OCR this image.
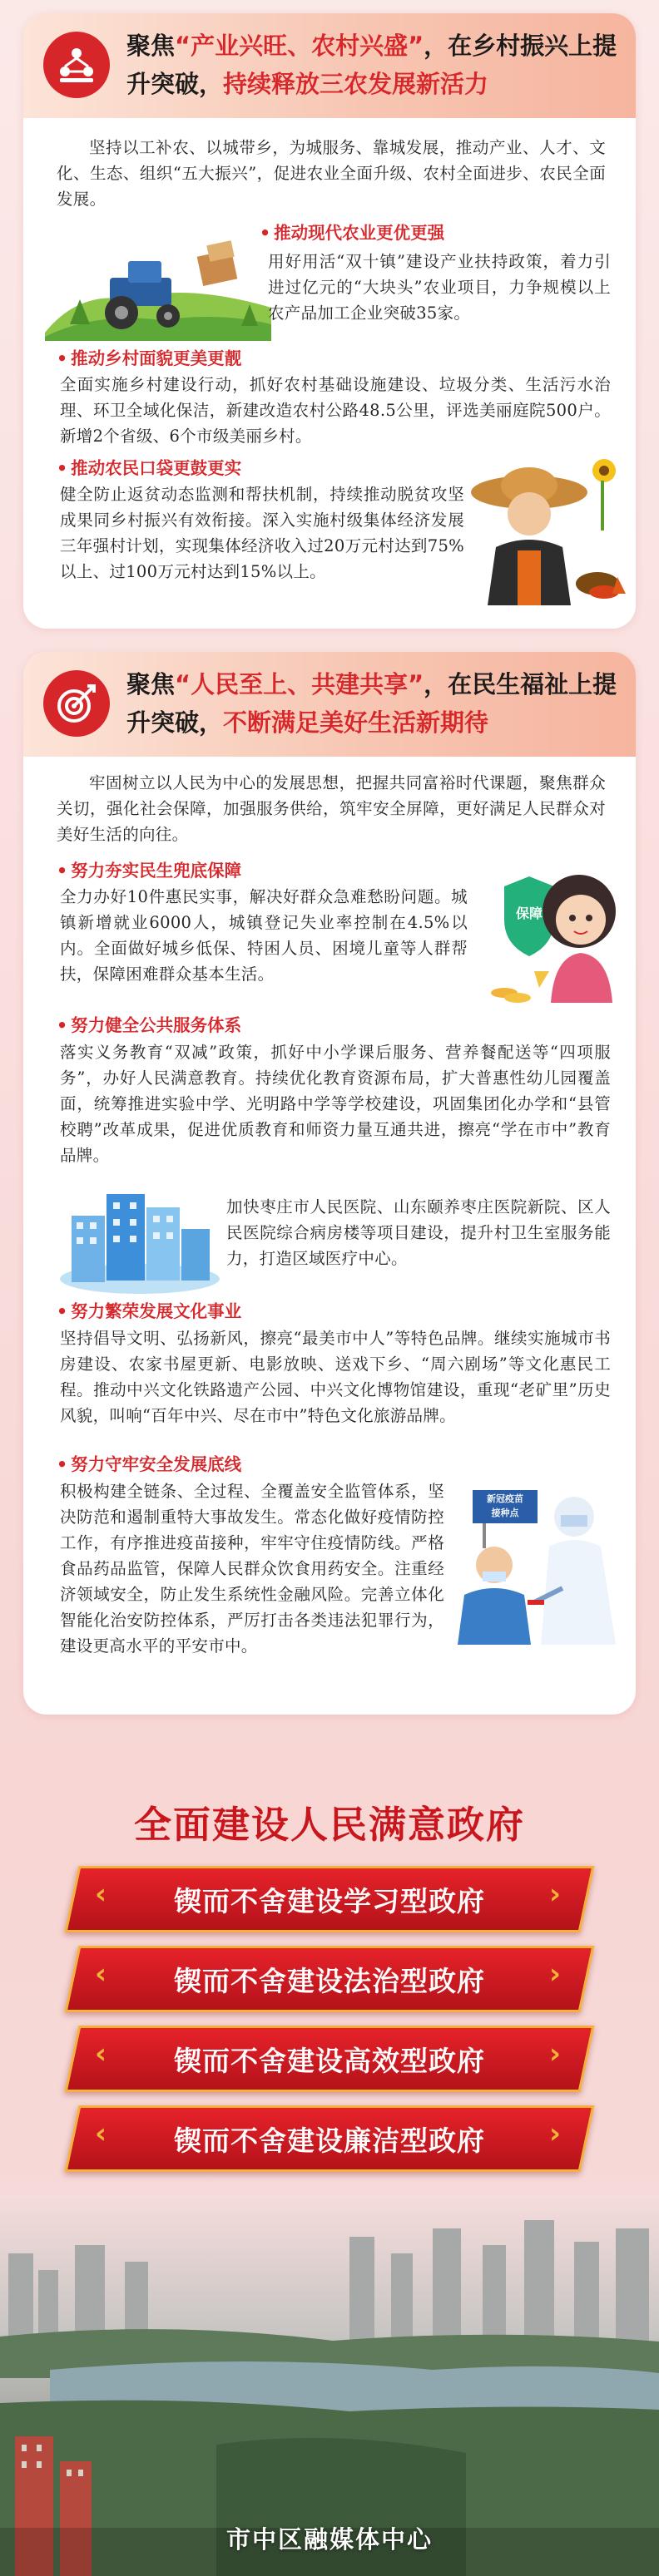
聚焦“产业兴旺、农村兴盛”，在乡村振兴上提升突破，持续释放三农发展新活力
坚持以工补农、以城带乡，为城服务、靠城发展，推动产业、人才、文化、生态、组织“五大振兴”，促进农业全面升级、农村全面进步、农民全面发展。
• 推动现代农业更优更强
用好用活“双十镇”建设产业扶持政策，着力引进过亿元的“大块头”农业项目，力争规模以上农产品加工企业突破35家。
• 推动乡村面貌更美更靓
全面实施乡村建设行动，抓好农村基础设施建设、垃圾分类、生活污水治理、环卫全域化保洁，新建改造农村公路48.5公里，评选美丽庭院500户。新增2个省级、6个市级美丽乡村。
• 推动农民口袋更鼓更实
健全防止返贫动态监测和帮扶机制，持续推动脱贫攻坚成果同乡村振兴有效衔接。深入实施村级集体经济发展三年强村计划，实现集体经济收入过20万元村达到75%以上、过100万元村达到15%以上。
聚焦“人民至上、共建共享”，在民生福祉上提升突破，不断满足美好生活新期待
牢固树立以人民为中心的发展思想，把握共同富裕时代课题，聚焦群众关切，强化社会保障，加强服务供给，筑牢安全屏障，更好满足人民群众对美好生活的向往。
• 努力夯实民生兜底保障
全力办好10件惠民实事，解决好群众急难愁盼问题。城镇新增就业6000人，城镇登记失业率控制在4.5%以内。全面做好城乡低保、特困人员、困境儿童等人群帮扶，保障困难群众基本生活。
保障
• 努力健全公共服务体系
落实义务教育“双减”政策，抓好中小学课后服务、营养餐配送等“四项服务”，办好人民满意教育。持续优化教育资源布局，扩大普惠性幼儿园覆盖面，统筹推进实验中学、光明路中学等学校建设，巩固集团化办学和“县管校聘”改革成果，促进优质教育和师资力量互通共进，擦亮“学在市中”教育品牌。
加快枣庄市人民医院、山东颐养枣庄医院新院、区人民医院综合病房楼等项目建设，提升村卫生室服务能力，打造区域医疗中心。
• 努力繁荣发展文化事业
坚持倡导文明、弘扬新风，擦亮“最美市中人”等特色品牌。继续实施城市书房建设、农家书屋更新、电影放映、送戏下乡、“周六剧场”等文化惠民工程。推动中兴文化铁路遗产公园、中兴文化博物馆建设，重现“老矿里”历史风貌，叫响“百年中兴、尽在市中”特色文化旅游品牌。
• 努力守牢安全发展底线
积极构建全链条、全过程、全覆盖安全监管体系，坚决防范和遏制重特大事故发生。常态化做好疫情防控工作，有序推进疫苗接种，牢牢守住疫情防线。严格食品药品监管，保障人民群众饮食用药安全。注重经济领域安全，防止发生系统性金融风险。完善立体化智能化治安防控体系，严厉打击各类违法犯罪行为，建设更高水平的平安市中。
新冠疫苗
接种点
全面建设人民满意政府
‹	›
锲而不舍建设学习型政府
‹	›
锲而不舍建设法治型政府
‹	›
锲而不舍建设高效型政府
‹	›
锲而不舍建设廉洁型政府
市中区融媒体中心
